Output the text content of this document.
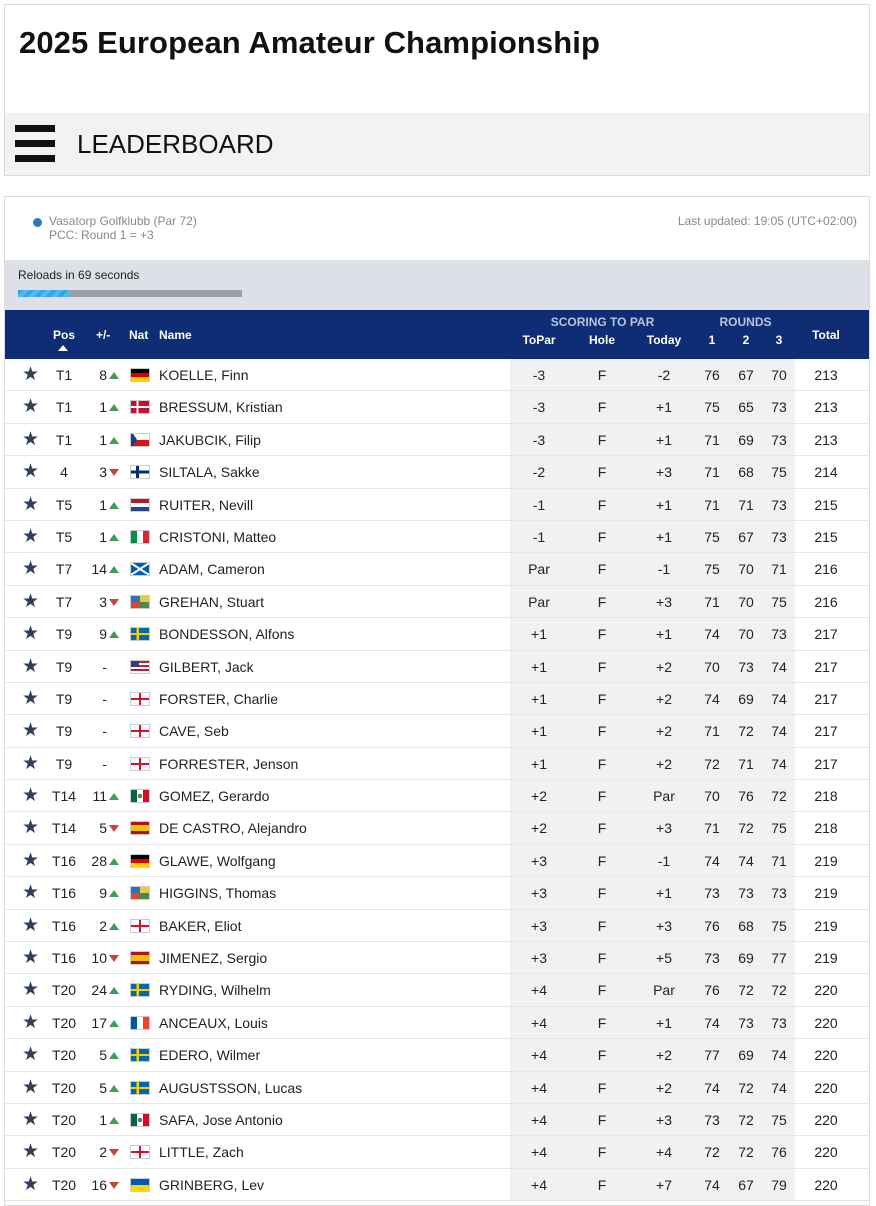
2025 European Amateur Championship
LEADERBOARD
Vasatorp Golfklubb (Par 72)
PCC: Round 1 = +3
Last updated: 19:05 (UTC+02:00)
Reloads in 69 seconds
Pos +/- Nat Name
SCORING TO PAR
ToPar	Hole	Today
ROUNDS
1	2	3	Total
★	T1	8	KOELLE, Finn	-3	F	-2	76	67	70	213
★	T1	1	BRESSUM, Kristian	-3	F	+1	75	65	73	213
★	T1	1	JAKUBCIK, Filip	-3	F	+1	71	69	73	213
★	4	3	SILTALA, Sakke	-2	F	+3	71	68	75	214
★	T5	1	RUITER, Nevill	-1	F	+1	71	71	73	215
★	T5	1	CRISTONI, Matteo	-1	F	+1	75	67	73	215
★	T7	14	ADAM, Cameron	Par	F	-1	75	70	71	216
★	T7	3	GREHAN, Stuart	Par	F	+3	71	70	75	216
★	T9	9	BONDESSON, Alfons	+1	F	+1	74	70	73	217
★	T9	-	GILBERT, Jack	+1	F	+2	70	73	74	217
★	T9	-	FORSTER, Charlie	+1	F	+2	74	69	74	217
★	T9	-	CAVE, Seb	+1	F	+2	71	72	74	217
★	T9	-	FORRESTER, Jenson	+1	F	+2	72	71	74	217
★ T14	11	GOMEZ, Gerardo	+2	F	Par	70	76	72	218
★ T14	5	DE CASTRO, Alejandro	+2	F	+3	71	72	75	218
★ T16	28	GLAWE, Wolfgang	+3	F	-1	74	74	71	219
★ T16	9	HIGGINS, Thomas	+3	F	+1	73	73	73	219
★ T16	2	BAKER, Eliot	+3	F	+3	76	68	75	219
★ T16	10	JIMENEZ, Sergio	+3	F	+5	73	69	77	219
★ T20	24	RYDING, Wilhelm	+4	F	Par	76	72	72	220
★ T20	17	ANCEAUX, Louis	+4	F	+1	74	73	73	220
★ T20	5	EDERO, Wilmer	+4	F	+2	77	69	74	220
★ T20	5	AUGUSTSSON, Lucas	+4	F	+2	74	72	74	220
★ T20	1	SAFA, Jose Antonio	+4	F	+3	73	72	75	220
★ T20	2	LITTLE, Zach	+4	F	+4	72	72	76	220
★ T20	16	GRINBERG, Lev	+4	F	+7	74	67	79	220
